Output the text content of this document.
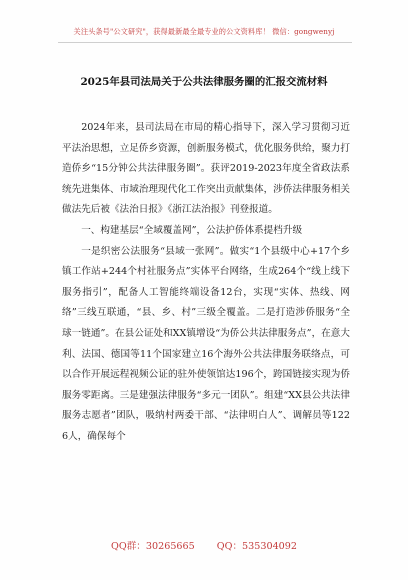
关注头条号"公文研究"，获得最新最全最专业的公文资料库！ 微信：gongwenyj
2025年县司法局关于公共法律服务圈的汇报交流材料

2024年来，县司法局在市局的精心指导下，深入学习贯彻习近平法治思想，立足侨乡资源，创新服务模式，优化服务供给，聚力打造侨乡“15分钟公共法律服务圈”。获评2019-2023年度全省政法系统先进集体、市域治理现代化工作突出贡献集体，涉侨法律服务相关做法先后被《法治日报》《浙江法治报》刊登报道。

一、构建基层“全域覆盖网”，公法护侨体系提档升级

一是织密公法服务“县域一张网”。做实“1个县级中心+17个乡镇工作站+244个村社服务点”实体平台网络，生成264个“线上线下服务指引”，配备人工智能终端设备12台，实现“实体、热线、网络”三线互联通，“县、乡、村”三级全覆盖。二是打造涉侨服务“全球一链通”。在县公证处和XX镇增设“为侨公共法律服务点”，在意大利、法国、德国等11个国家建立16个海外公共法律服务联络点，可以合作开展远程视频公证的驻外使领馆达196个，跨国链接实现为侨服务零距离。三是建强法律服务“多元一团队”。组建“XX县公共法律服务志愿者”团队，吸纳村两委干部、“法律明白人”、调解员等1226人，确保每个

QQ群：30265665 QQ：535304092
